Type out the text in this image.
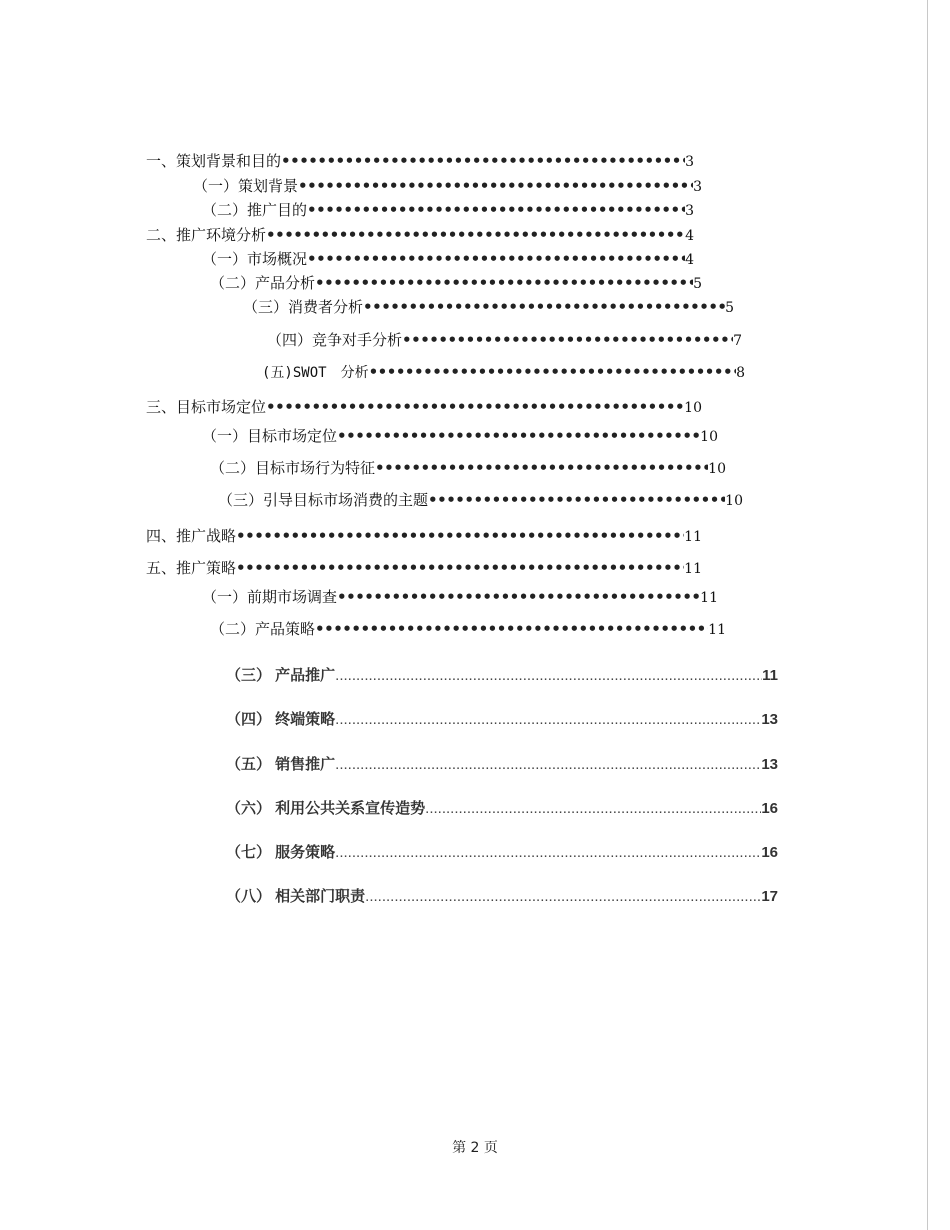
一、策划背景和目的 •••••	3
（一）策划背景 •••••	3
（二）推广目的 •••••	3
二、推广环境分析 •••••	4
（一）市场概况 •••••	4
（二）产品分析 •••••	5
（三）消费者分析 •••••	5
（四）竞争对手分析 •••••	7
(五)SWOT　分析 •••••	8
三、目标市场定位 •••••	10
（一）目标市场定位 •••••	10
（二）目标市场行为特征 •••••	10
（三）引导目标市场消费的主题 •••••	10
四、推广战略 •••••	11
五、推广策略 •••••	11
（一）前期市场调查 •••••	11
（二）产品策略 •••••	11
（三） 产品推广 .....	11
（四） 终端策略 .....	13
（五） 销售推广 .....	13
（六） 利用公共关系宣传造势 .....	16
（七） 服务策略 .....	16
（八） 相关部门职责 .....	17
第 2 页
